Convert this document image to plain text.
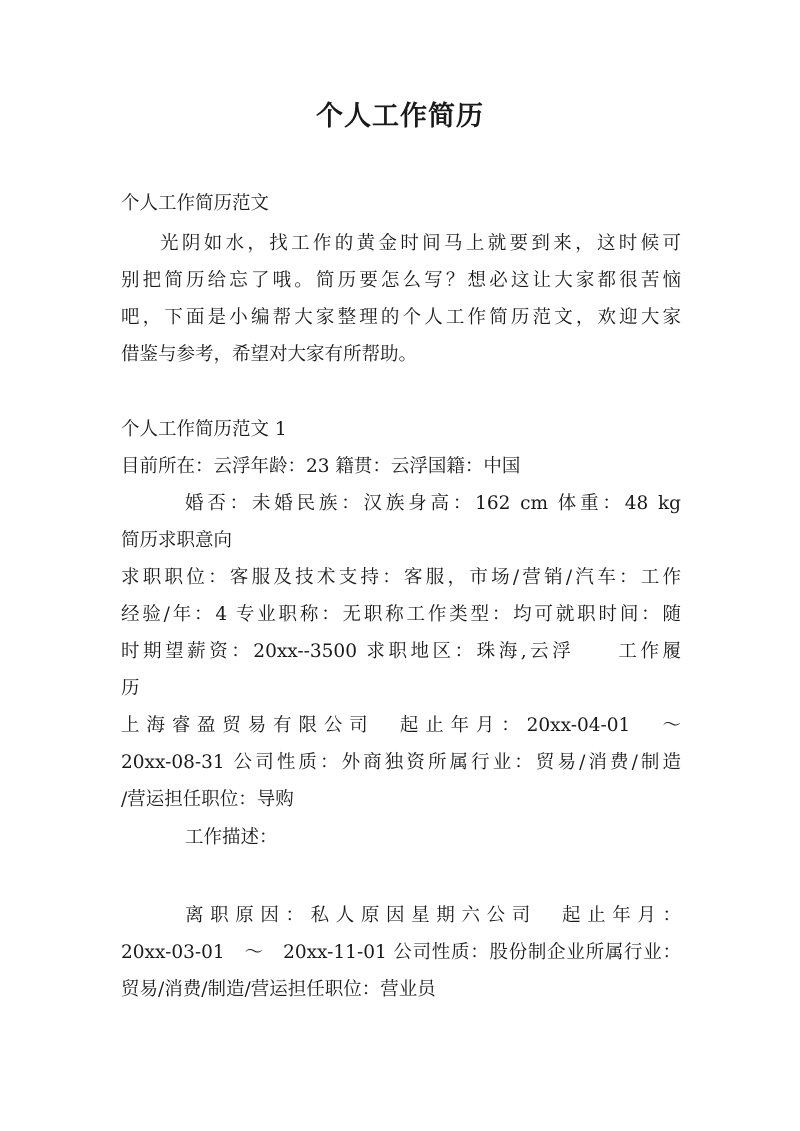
个人工作简历
个人工作简历范文
光阴如水，找工作的黄金时间马上就要到来，这时候可
别把简历给忘了哦。简历要怎么写？想必这让大家都很苦恼
吧，下面是小编帮大家整理的个人工作简历范文，欢迎大家
借鉴与参考，希望对大家有所帮助。
个人工作简历范文 1
目前所在：云浮年龄：23 籍贯：云浮国籍：中国
婚否：未婚民族：汉族身高：162 cm 体重：48 kg
简历求职意向
求职职位：客服及技术支持：客服，市场/营销/汽车：工作
经验/年：4 专业职称：无职称工作类型：均可就职时间：随
时期望薪资：20xx--3500 求职地区：珠海,云浮　　工作履
历
上海睿盈贸易有限公司　起止年月：20xx-04-01　～
20xx-08-31 公司性质：外商独资所属行业：贸易/消费/制造
/营运担任职位：导购
工作描述：
离职原因：私人原因星期六公司　起止年月：
20xx-03-01　～　20xx-11-01 公司性质：股份制企业所属行业：
贸易/消费/制造/营运担任职位：营业员
